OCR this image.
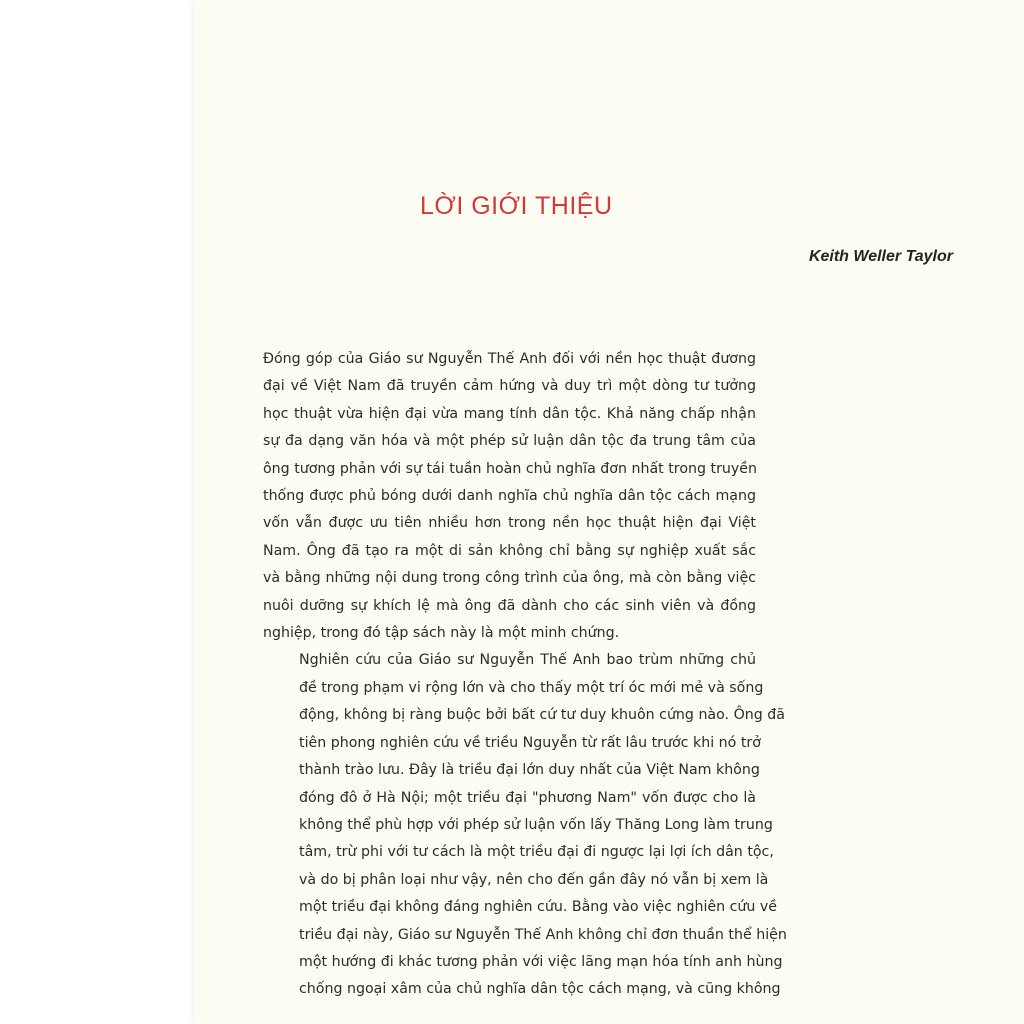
LỜI GIỚI THIỆU
Keith Weller Taylor

Đóng góp của Giáo sư Nguyễn Thế Anh đối với nền học thuật đương
đại về Việt Nam đã truyền cảm hứng và duy trì một dòng tư tưởng
học thuật vừa hiện đại vừa mang tính dân tộc. Khả năng chấp nhận
sự đa dạng văn hóa và một phép sử luận dân tộc đa trung tâm của
ông tương phản với sự tái tuần hoàn chủ nghĩa đơn nhất trong truyền
thống được phủ bóng dưới danh nghĩa chủ nghĩa dân tộc cách mạng
vốn vẫn được ưu tiên nhiều hơn trong nền học thuật hiện đại Việt
Nam. Ông đã tạo ra một di sản không chỉ bằng sự nghiệp xuất sắc
và bằng những nội dung trong công trình của ông, mà còn bằng việc
nuôi dưỡng sự khích lệ mà ông đã dành cho các sinh viên và đồng
nghiệp, trong đó tập sách này là một minh chứng.

Nghiên cứu của Giáo sư Nguyễn Thế Anh bao trùm những chủ
đề trong phạm vi rộng lớn và cho thấy một trí óc mới mẻ và sống
động, không bị ràng buộc bởi bất cứ tư duy khuôn cứng nào. Ông đã
tiên phong nghiên cứu về triều Nguyễn từ rất lâu trước khi nó trở
thành trào lưu. Đây là triều đại lớn duy nhất của Việt Nam không
đóng đô ở Hà Nội; một triều đại "phương Nam" vốn được cho là
không thể phù hợp với phép sử luận vốn lấy Thăng Long làm trung
tâm, trừ phi với tư cách là một triều đại đi ngược lại lợi ích dân tộc,
và do bị phân loại như vậy, nên cho đến gần đây nó vẫn bị xem là
một triều đại không đáng nghiên cứu. Bằng vào việc nghiên cứu về
triều đại này, Giáo sư Nguyễn Thế Anh không chỉ đơn thuần thể hiện
một hướng đi khác tương phản với việc lãng mạn hóa tính anh hùng
chống ngoại xâm của chủ nghĩa dân tộc cách mạng, và cũng không
